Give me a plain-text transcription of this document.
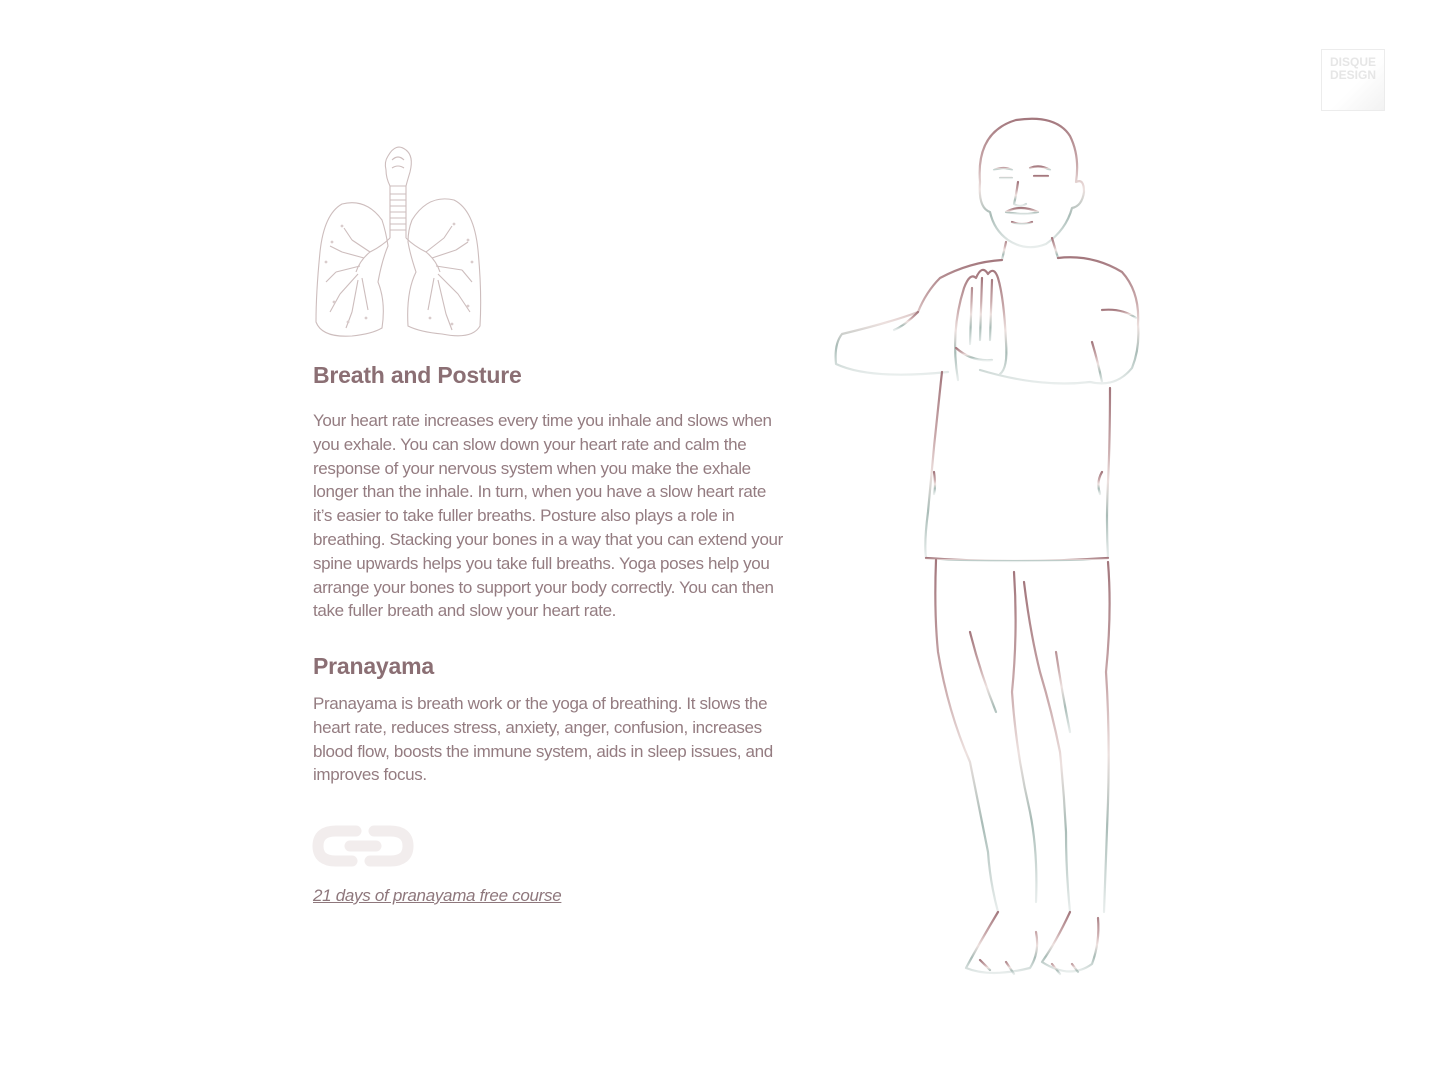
DISQUE
DESIGN
Breath and Posture

Your heart rate increases every time you inhale and slows when you exhale. You can slow down your heart rate and calm the response of your nervous system when you make the exhale longer than the inhale. In turn, when you have a slow heart rate it’s easier to take fuller breaths. Posture also plays a role in breathing. Stacking your bones in a way that you can extend your spine upwards helps you take full breaths. Yoga poses help you arrange your bones to support your body correctly. You can then take fuller breath and slow your heart rate.

Pranayama

Pranayama is breath work or the yoga of breathing. It slows the heart rate, reduces stress, anxiety, anger, confusion, increases blood flow, boosts the immune system, aids in sleep issues, and improves focus.

21 days of pranayama free course
